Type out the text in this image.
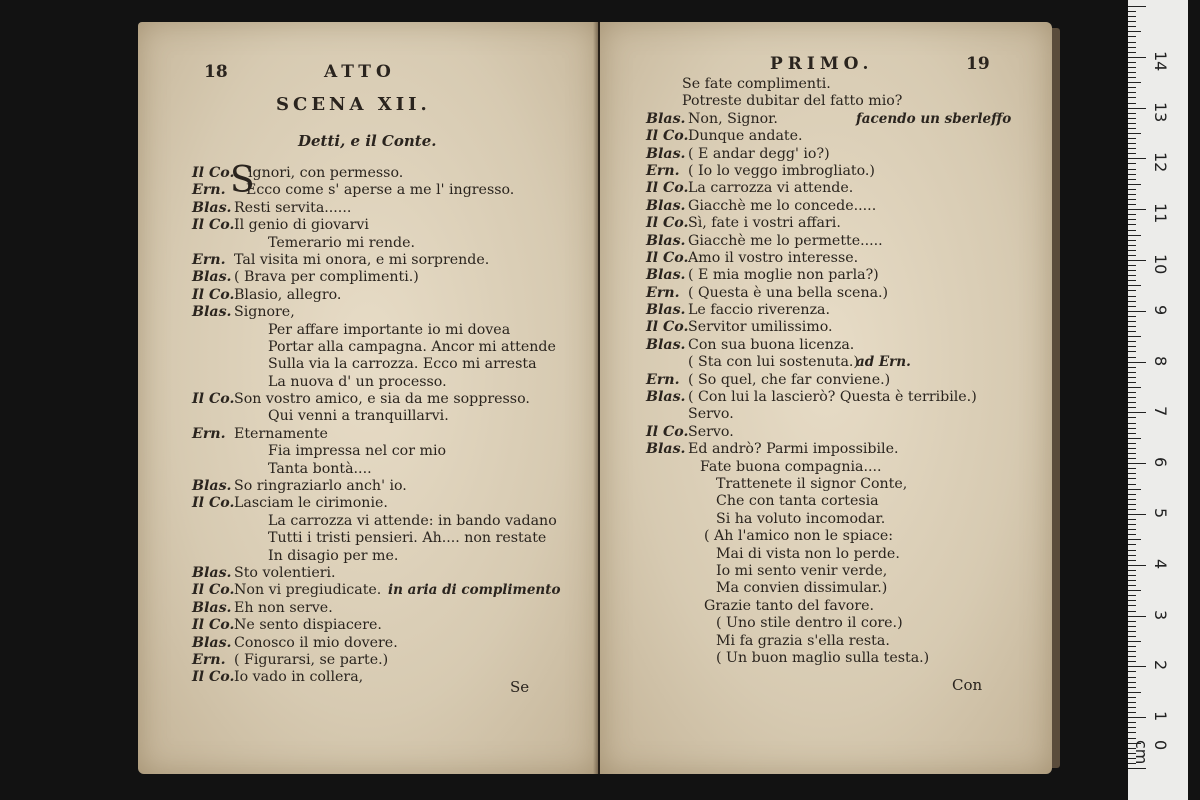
18	ATTO
SCENA XII.
Detti, e il Conte.
S
Il Co. ignori, con permesso.
Ern. Ecco come s' aperse a me l' ingresso.
Blas. Resti servita......
Il Co.Il genio di giovarvi
Temerario mi rende.
Ern. Tal visita mi onora, e mi sorprende.
Blas. ( Brava per complimenti.)
Il Co.Blasio, allegro.
Blas. Signore,
Per affare importante io mi dovea
Portar alla campagna. Ancor mi attende
Sulla via la carrozza. Ecco mi arresta
La nuova d' un processo.
Il Co.Son vostro amico, e sia da me soppresso.
Qui venni a tranquillarvi.
Ern. Eternamente
Fia impressa nel cor mio
Tanta bontà....
Blas. So ringraziarlo anch' io.
Il Co.Lasciam le cirimonie.
La carrozza vi attende: in bando vadano
Tutti i tristi pensieri. Ah.... non restate
In disagio per me.
Blas. Sto volentieri.
Il Co.Non vi pregiudicate. in aria di complimento
Blas. Eh non serve.
Il Co.Ne sento dispiacere.
Blas. Conosco il mio dovere.
Ern. ( Figurarsi, se parte.)
Il Co.Io vado in collera,
Se
PRIMO.	19
Se fate complimenti.
Potreste dubitar del fatto mio?
Blas. Non, Signor.	facendo un sberleffo
Il Co.Dunque andate.
Blas. ( E andar degg' io?)
Ern. ( Io lo veggo imbrogliato.)
Il Co.La carrozza vi attende.
Blas. Giacchè me lo concede.....
Il Co.Sì, fate i vostri affari.
Blas. Giacchè me lo permette.....
Il Co.Amo il vostro interesse.
Blas. ( E mia moglie non parla?)
Ern. ( Questa è una bella scena.)
Blas. Le faccio riverenza.
Il Co.Servitor umilissimo.
Blas. Con sua buona licenza.
( Sta con lui sostenuta.)
ad Ern.
Ern. ( So quel, che far conviene.)
Blas. ( Con lui la lascierò? Questa è terribile.)
Servo.
Il Co.Servo.
Blas. Ed andrò? Parmi impossibile.
Fate buona compagnia....
Trattenete il signor Conte,
Che con tanta cortesia
Si ha voluto incomodar.
( Ah l'amico non le spiace:
Mai di vista non lo perde.
Io mi sento venir verde,
Ma convien dissimular.)
Grazie tanto del favore.
( Uno stile dentro il core.)
Mi fa grazia s'ella resta.
( Un buon maglio sulla testa.)
Con
0 cm
1
2
3
4
5
6
7
8
9
10
11
12
13
14
